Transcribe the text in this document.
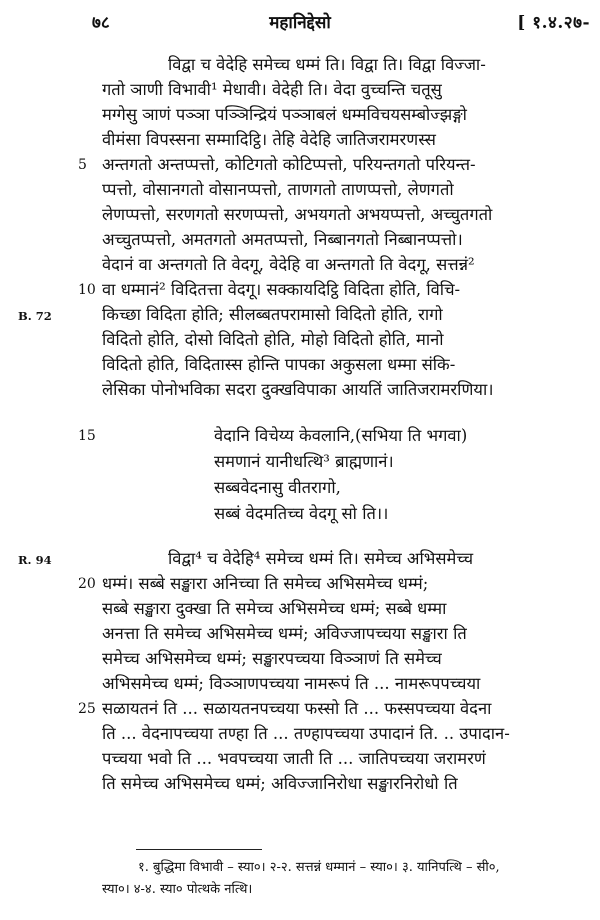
७८	महानिद्देसो	[ १.४.२७-
विद्वा च वेदेहि समेच्च धम्मं ति। विद्वा ति। विद्वा विज्जा-
गतो ञाणी विभावी¹ मेधावी। वेदेही ति। वेदा वुच्चन्ति चतूसु
मग्गेसु ञाणं पञ्ञा पञ्ञिन्द्रियं पञ्ञाबलं धम्मविचयसम्बोज्झङ्गो
वीमंसा विपस्सना सम्मादिट्ठि। तेहि वेदेहि जातिजरामरणस्स
अन्तगतो अन्तप्पत्तो, कोटिगतो कोटिप्पत्तो, परियन्तगतो परियन्त-
प्पत्तो, वोसानगतो वोसानप्पत्तो, ताणगतो ताणप्पत्तो, लेणगतो
लेणप्पत्तो, सरणगतो सरणप्पत्तो, अभयगतो अभयप्पत्तो, अच्चुतगतो
अच्चुतप्पत्तो, अमतगतो अमतप्पत्तो, निब्बानगतो निब्बानप्पत्तो।
वेदानं वा अन्तगतो ति वेदगू, वेदेहि वा अन्तगतो ति वेदगू, सत्तन्नं²
वा धम्मानं² विदितत्ता वेदगू। सक्कायदिट्ठि विदिता होति, विचि-
किच्छा विदिता होति; सीलब्बतपरामासो विदितो होति, रागो
विदितो होति, दोसो विदितो होति, मोहो विदितो होति, मानो
विदितो होति, विदितास्स होन्ति पापका अकुसला धम्मा संकि-
लेसिका पोनोभविका सदरा दुक्खविपाका आयतिं जातिजरामरणिया।
वेदानि विचेय्य केवलानि,(सभिया ति भगवा)
समणानं यानीधत्थि³ ब्राह्मणानं।
सब्बवेदनासु वीतरागो,
सब्बं वेदमतिच्च वेदगू सो ति।।
विद्वा⁴ च वेदेहि⁴ समेच्च धम्मं ति। समेच्च अभिसमेच्च
धम्मं। सब्बे सङ्खारा अनिच्चा ति समेच्च अभिसमेच्च धम्मं;
सब्बे सङ्खारा दुक्खा ति समेच्च अभिसमेच्च धम्मं; सब्बे धम्मा
अनत्ता ति समेच्च अभिसमेच्च धम्मं; अविज्जापच्चया सङ्खारा ति
समेच्च अभिसमेच्च धम्मं; सङ्खारपच्चया विञ्ञाणं ति समेच्च
अभिसमेच्च धम्मं; विञ्ञाणपच्चया नामरूपं ति ... नामरूपपच्चया
सळायतनं ति ... सळायतनपच्चया फस्सो ति ... फस्सपच्चया वेदना
ति ... वेदनापच्चया तण्हा ति ... तण्हापच्चया उपादानं ति. .. उपादान-
पच्चया भवो ति ... भवपच्चया जाती ति ... जातिपच्चया जरामरणं
ति समेच्च अभिसमेच्च धम्मं; अविज्जानिरोधा सङ्खारनिरोधो ति
5
10
15
20
25
B. 72
R. 94
१. बुद्धिमा विभावी – स्या०। २-२. सत्तन्नं धम्मानं – स्या०। ३. यानिपत्थि – सी०,
स्या०। ४-४. स्या० पोत्थके नत्थि।
